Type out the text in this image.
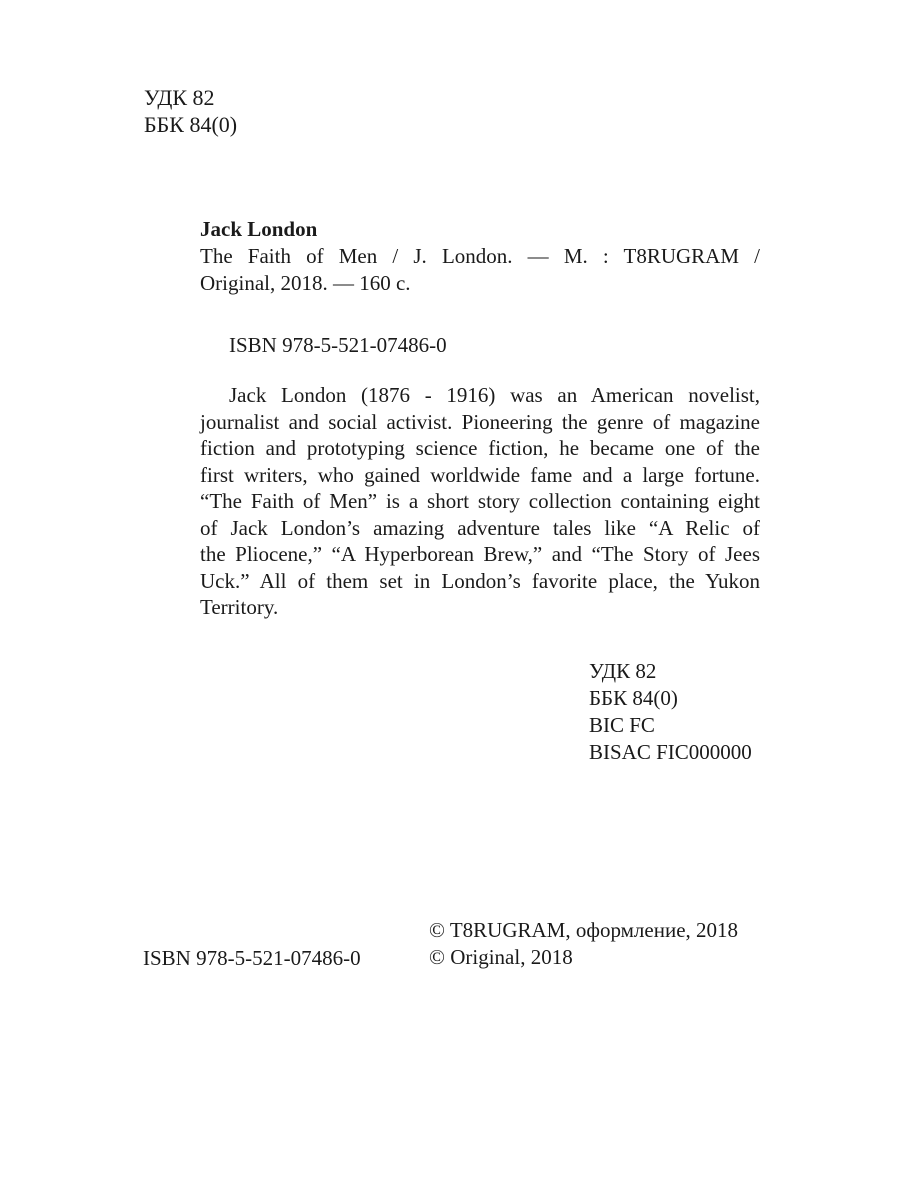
УДК 82
ББК 84(0)
Jack London
The Faith of Men / J. London. — M. : T8RUGRAM /
Original, 2018. — 160 c.
ISBN 978-5-521-07486-0
Jack London (1876 - 1916) was an American novelist,
journalist and social activist. Pioneering the genre of magazine
fiction and prototyping science fiction, he became one of the
first writers, who gained worldwide fame and a large fortune.
“The Faith of Men” is a short story collection containing eight
of Jack London’s amazing adventure tales like “A Relic of
the Pliocene,” “A Hyperborean Brew,” and “The Story of Jees
Uck.” All of them set in London’s favorite place, the Yukon
Territory.
УДК 82
ББК 84(0)
BIC FC
BISAC FIC000000
ISBN 978-5-521-07486-0
© T8RUGRAM, оформление, 2018
© Original, 2018
